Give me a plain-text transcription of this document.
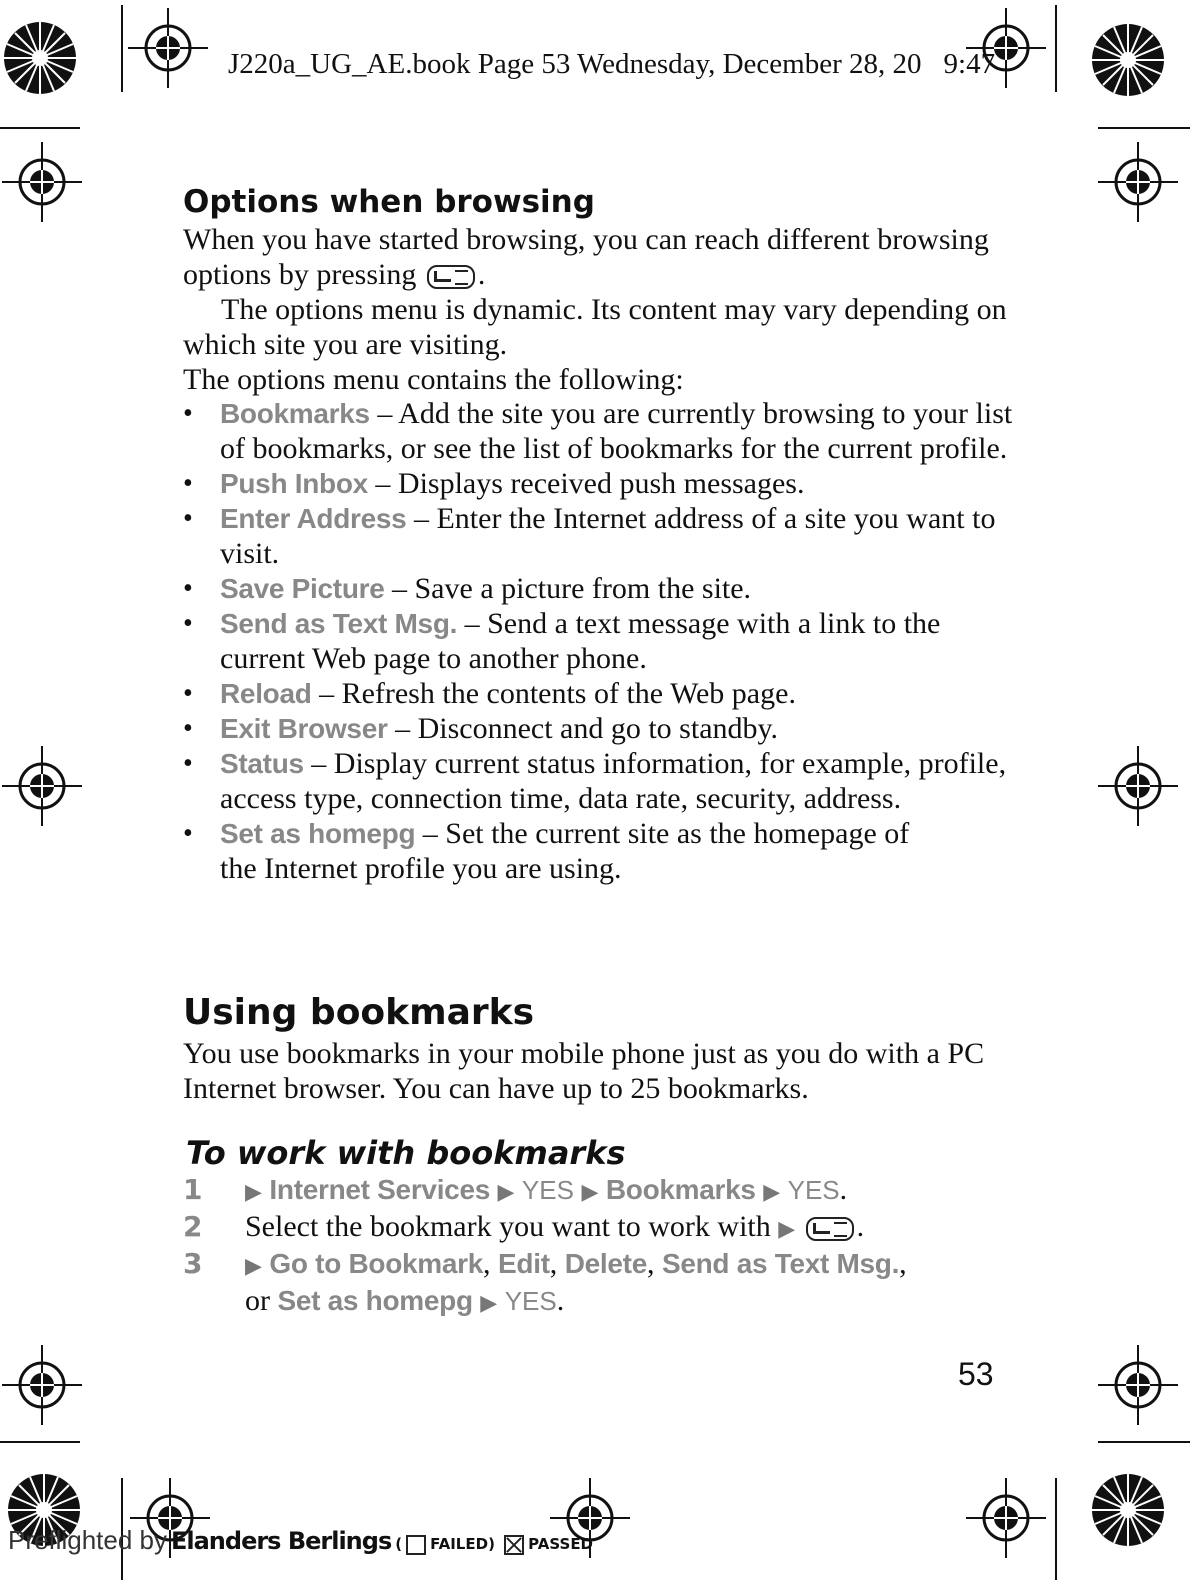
J220a_UG_AE.book Page 53 Wednesday, December 28, 20 9:47
Options when browsing

When you have started browsing, you can reach different browsing options by pressing .

The options menu is dynamic. Its content may vary depending on which site you are visiting.

The options menu contains the following:

• Bookmarks – Add the site you are currently browsing to your list of bookmarks, or see the list of bookmarks for the current profile.
• Push Inbox – Displays received push messages.
• Enter Address – Enter the Internet address of a site you want to visit.
• Save Picture – Save a picture from the site.
• Send as Text Msg. – Send a text message with a link to the current Web page to another phone.
• Reload – Refresh the contents of the Web page.
• Exit Browser – Disconnect and go to standby.
• Status – Display current status information, for example, profile, access type, connection time, data rate, security, address.
• Set as homepg – Set the current site as the homepage of the Internet profile you are using.
Using bookmarks

You use bookmarks in your mobile phone just as you do with a PC Internet browser. You can have up to 25 bookmarks.

To work with bookmarks
1 ▶ Internet Services ▶ YES ▶ Bookmarks ▶ YES.
2 Select the bookmark you want to work with ▶ .
3 ▶ Go to Bookmark, Edit, Delete, Send as Text Msg.,
or Set as homepg ▶ YES.
53
Preflighted by Elanders Berlings ( FAILED) PASSED
